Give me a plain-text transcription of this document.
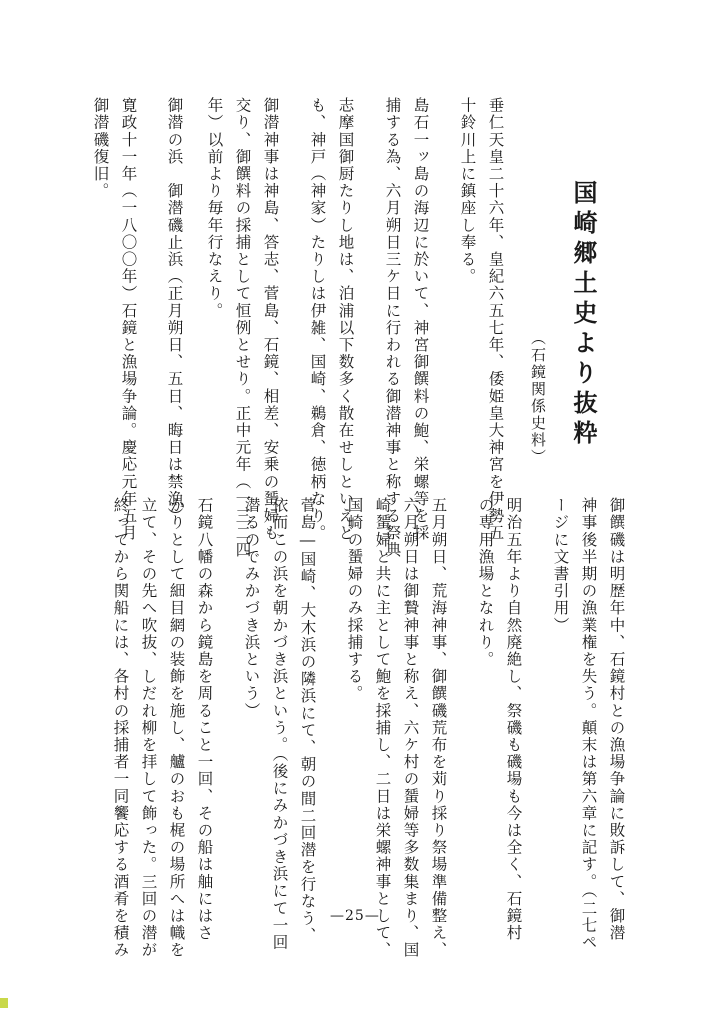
国崎郷土史より抜粋
（石鏡関係史料）
垂仁天皇二十六年、皇紀六五七年、倭姫皇大神宮を伊勢五
十鈴川上に鎮座し奉る。
島石一ッ島の海辺に於いて、神宮御饌料の鮑、栄螺等を採
捕する為、六月朔日三ケ日に行われる御潜神事と称する祭典
志摩国御厨たりし地は、泊浦以下数多く散在せしといえど
も、神戸（神家）たりしは伊雑、国崎、鵜倉、徳柄なり。
御潜神事は神島、答志、菅島、石鏡、相差、安乗の蜑婦も
交り、御饌料の採捕として恒例とせり。正中元年（一三二四
年）以前より毎年行なえり。
御潜の浜　御潜磯止浜（正月朔日、五日、晦日は禁漁）
寛政十一年（一八〇〇年）石鏡と漁場争論。慶応元年五月
御潜磯復旧。
御饌磯は明歴年中、石鏡村との漁場争論に敗訴して、御潜
神事後半期の漁業権を失う。顛末は第六章に記す。（二七ペ
ージに文書引用）
明治五年より自然廃絶し、祭磯も磯場も今は全く、石鏡村
の専用漁場となれり。
五月朔日、荒海神事、御饌磯荒布を苅り採り祭場準備整え、
六月朔日は御贄神事と称え、六ケ村の蜑婦等多数集まり、国
崎蜑婦と共に主として鮑を採捕し、二日は栄螺神事として、
国崎の蜑婦のみ採捕する。
菅島―国崎、大木浜の隣浜にて、朝の間二回潜を行なう、
依而この浜を朝かづき浜という。（後にみかづき浜にて一回
潜るのでみかづき浜という）
石鏡八幡の森から鏡島を周ること一回、その船は舳にはさ
かりとして細目網の装飾を施し、艫のおも梶の場所へは幟を
立て、その先へ吹抜、しだれ柳を拝して飾った。三回の潜が
終ってから関船には、各村の採捕者一同饗応する酒肴を積み	—25—
